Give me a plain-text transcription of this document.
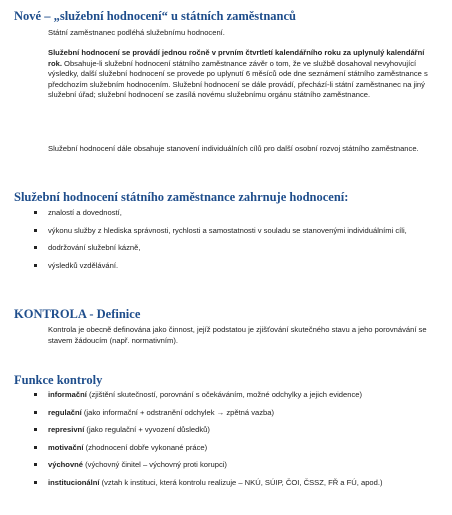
Nové – „služební hodnocení“ u státních zaměstnanců
Státní zaměstnanec podléhá služebnímu hodnocení.
Služební hodnocení se provádí jednou ročně v prvním čtvrtletí kalendářního roku za uplynulý kalendářní rok. Obsahuje-li služební hodnocení státního zaměstnance závěr o tom, že ve službě dosahoval nevyhovující výsledky, další služební hodnocení se provede po uplynutí 6 měsíců ode dne seznámení státního zaměstnance s předchozím služebním hodnocením. Služební hodnocení se dále provádí, přechází-li státní zaměstnanec na jiný služební úřad; služební hodnocení se zasílá novému služebnímu orgánu státního zaměstnance.
Služební hodnocení dále obsahuje stanovení individuálních cílů pro další osobní rozvoj státního zaměstnance.
Služební hodnocení státního zaměstnance zahrnuje hodnocení:
znalostí a dovedností,
výkonu služby z hlediska správnosti, rychlosti a samostatnosti v souladu se stanovenými individuálními cíli,
dodržování služební kázně,
výsledků vzdělávání.
KONTROLA - Definice
Kontrola je obecně definována jako činnost, jejíž podstatou je zjišťování skutečného stavu a jeho porovnávání se stavem žádoucím (např. normativním).
Funkce kontroly
informační (zjištění skutečností, porovnání s očekáváním, možné odchylky a jejich evidence)
regulační (jako informační + odstranění odchylek → zpětná vazba)
represivní (jako regulační + vyvození důsledků)
motivační (zhodnocení dobře vykonané práce)
výchovné (výchovný činitel – výchovný proti korupci)
institucionální (vztah k instituci, která kontrolu realizuje – NKÚ, SÚIP, ČOI, ČSSZ, FŘ a FÚ, apod.)
